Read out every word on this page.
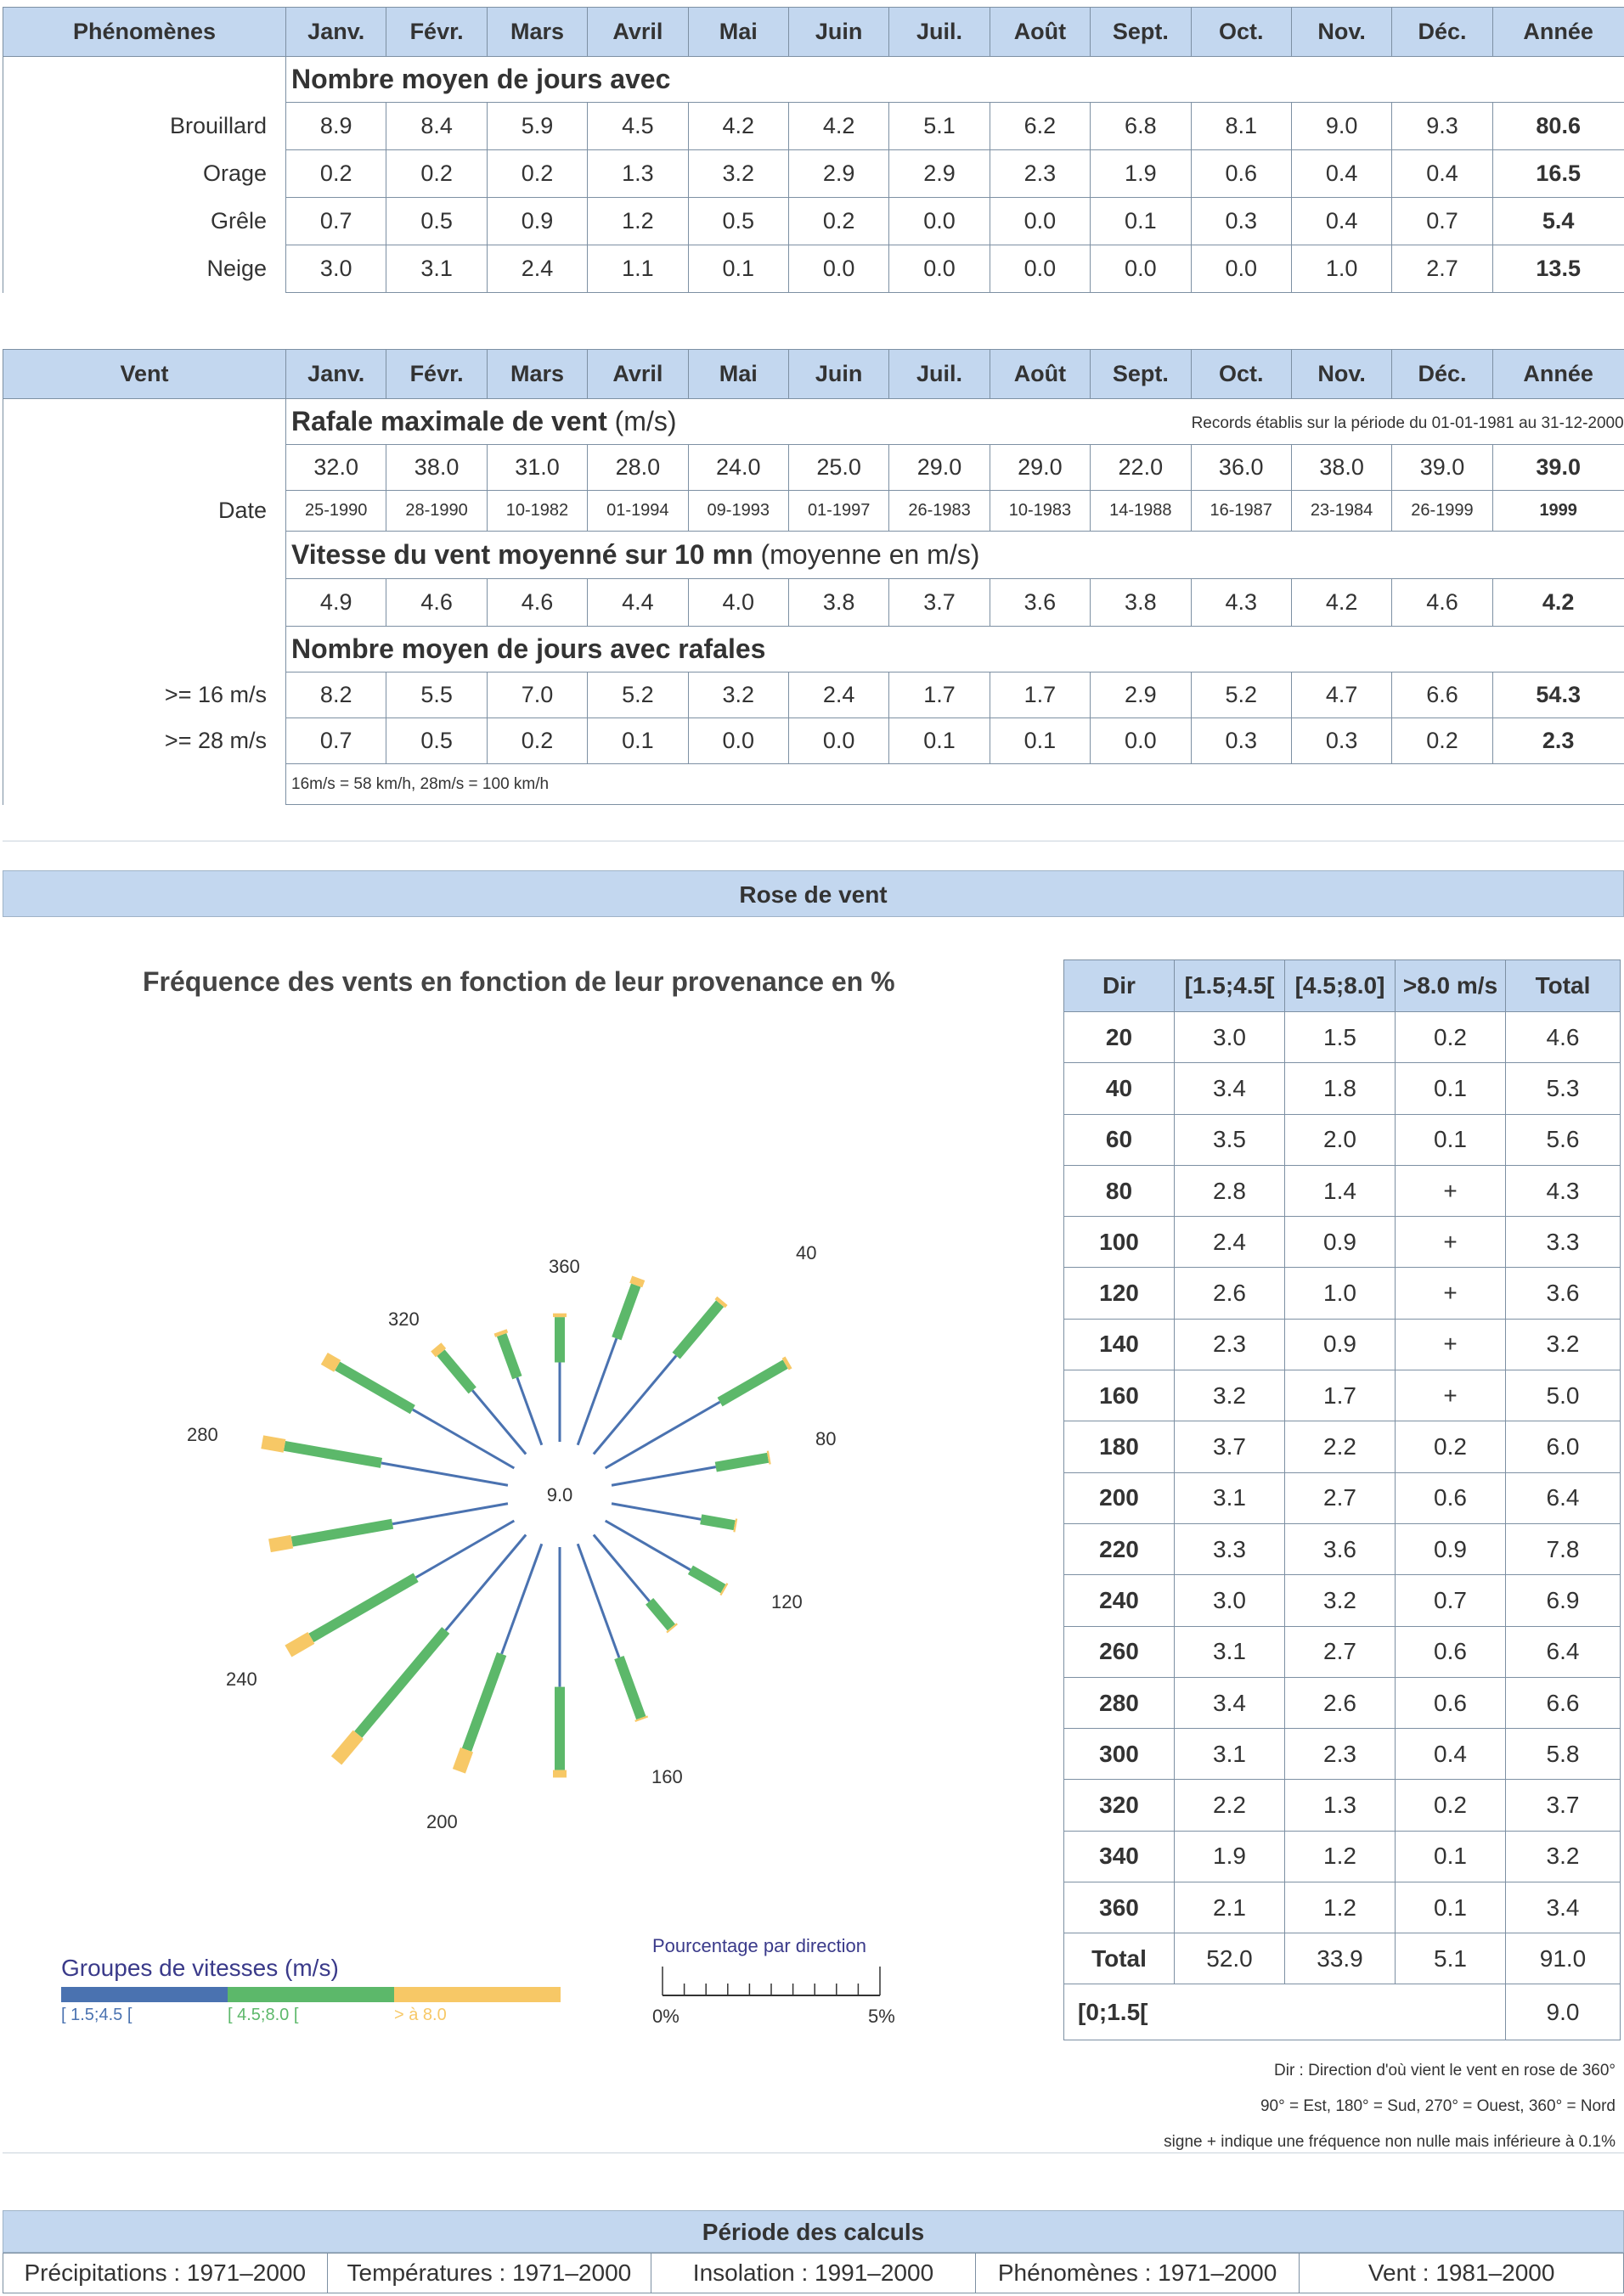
Phénomènes	Janv.	Févr.	Mars	Avril	Mai	Juin	Juil.	Août	Sept.	Oct.	Nov.	Déc.	Année
	Nombre moyen de jours avec												
Brouillard	8.9	8.4	5.9	4.5	4.2	4.2	5.1	6.2	6.8	8.1	9.0	9.3	80.6
Orage	0.2	0.2	0.2	1.3	3.2	2.9	2.9	2.3	1.9	0.6	0.4	0.4	16.5
Grêle	0.7	0.5	0.9	1.2	0.5	0.2	0.0	0.0	0.1	0.3	0.4	0.7	5.4
Neige	3.0	3.1	2.4	1.1	0.1	0.0	0.0	0.0	0.0	0.0	1.0	2.7	13.5
Vent	Janv.	Févr.	Mars	Avril	Mai	Juin	Juil.	Août	Sept.	Oct.	Nov.	Déc.	Année
	Rafale maximale de vent (m/s) Records établis sur la période du 01-01-1981 au 31-12-2000												

	32.0	38.0	31.0	28.0	24.0	25.0	29.0	29.0	22.0	36.0	38.0	39.0	39.0
Date	25-1990	28-1990	10-1982	01-1994	09-1993	01-1997	26-1983	10-1983	14-1988	16-1987	23-1984	26-1999	1999
	Vitesse du vent moyenné sur 10 mn (moyenne en m/s)												
	4.9	4.6	4.6	4.4	4.0	3.8	3.7	3.6	3.8	4.3	4.2	4.6	4.2
	Nombre moyen de jours avec rafales												
>= 16 m/s	8.2	5.5	7.0	5.2	3.2	2.4	1.7	1.7	2.9	5.2	4.7	6.6	54.3
>= 28 m/s	0.7	0.5	0.2	0.1	0.0	0.0	0.1	0.1	0.0	0.3	0.3	0.2	2.3
	16m/s = 58 km/h, 28m/s = 100 km/h												
Rose de vent
Fréquence des vents en fonction de leur provenance en %
9.0
40
80
120
160
200
240
280
320
360
Groupes de vitesses (m/s)
[ 1.5;4.5 [	[ 4.5;8.0 [	> à 8.0
Pourcentage par direction
0%	5%
Dir	[1.5;4.5[	[4.5;8.0]	>8.0 m/s	Total
20	3.0	1.5	0.2	4.6
40	3.4	1.8	0.1	5.3
60	3.5	2.0	0.1	5.6
80	2.8	1.4	+	4.3
100	2.4	0.9	+	3.3
120	2.6	1.0	+	3.6
140	2.3	0.9	+	3.2
160	3.2	1.7	+	5.0
180	3.7	2.2	0.2	6.0
200	3.1	2.7	0.6	6.4
220	3.3	3.6	0.9	7.8
240	3.0	3.2	0.7	6.9
260	3.1	2.7	0.6	6.4
280	3.4	2.6	0.6	6.6
300	3.1	2.3	0.4	5.8
320	2.2	1.3	0.2	3.7
340	1.9	1.2	0.1	3.2
360	2.1	1.2	0.1	3.4
Total	52.0	33.9	5.1	91.0
[0;1.5[				9.0
Dir : Direction d'où vient le vent en rose de 360°
90° = Est, 180° = Sud, 270° = Ouest, 360° = Nord
signe + indique une fréquence non nulle mais inférieure à 0.1%
Période des calculs
Précipitations : 1971–2000	Températures : 1971–2000	Insolation : 1991–2000	Phénomènes : 1971–2000	Vent : 1981–2000
